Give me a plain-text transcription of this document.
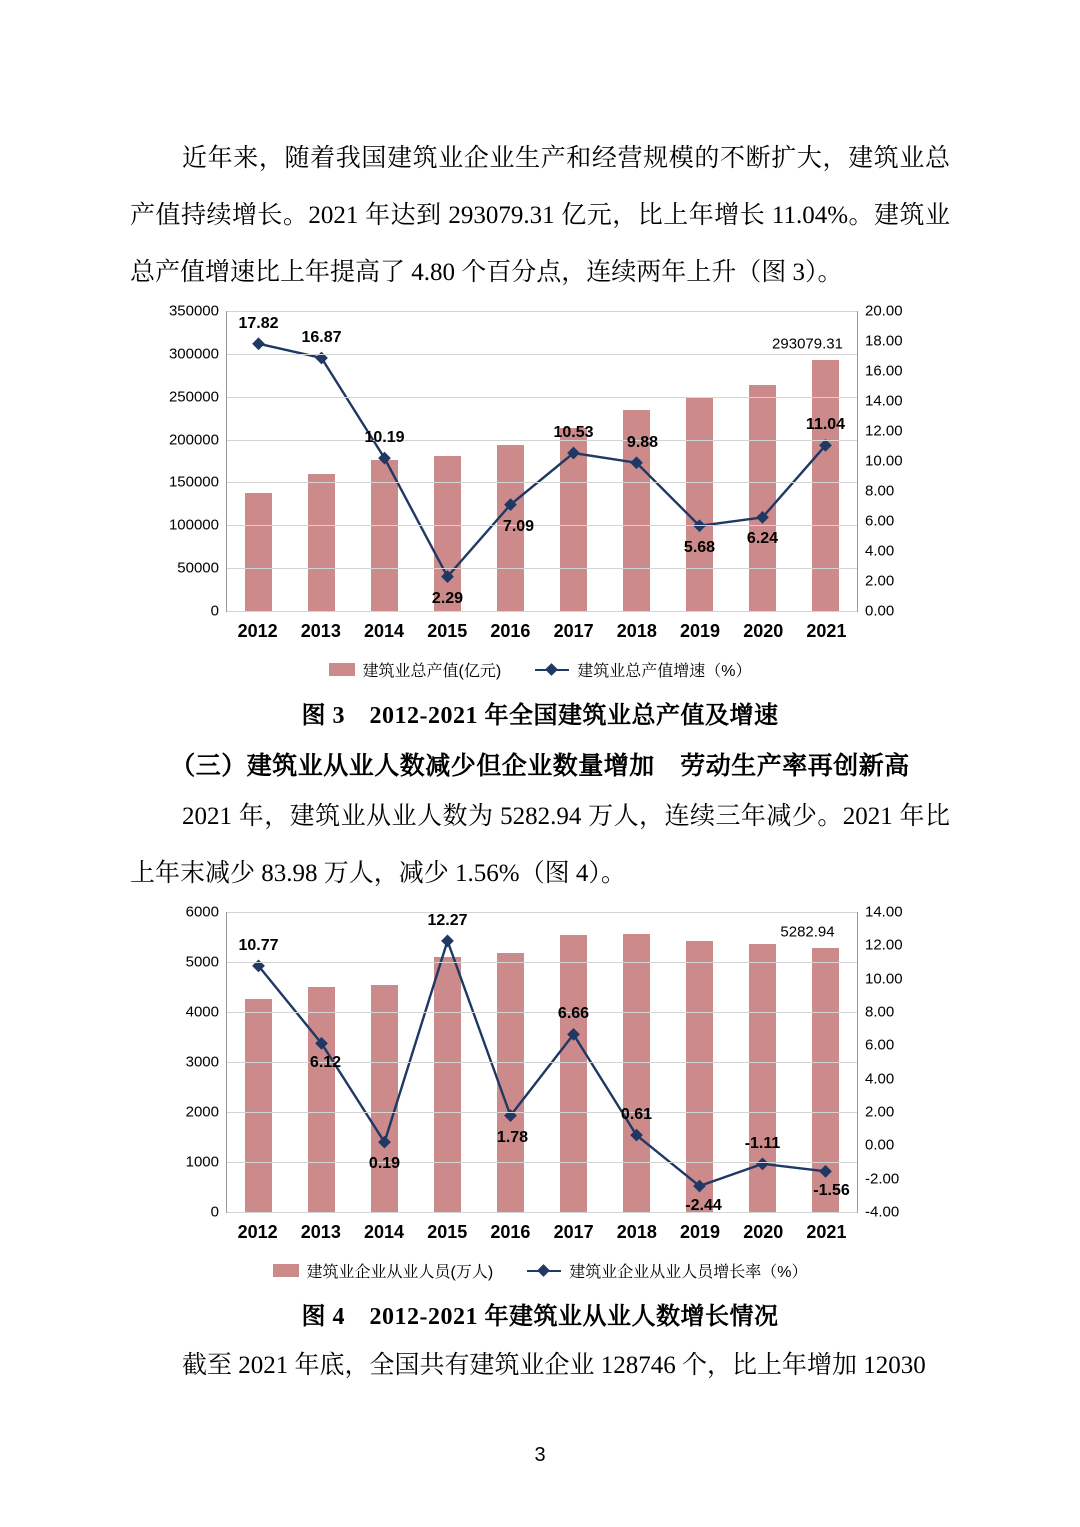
近年来，随着我国建筑业企业生产和经营规模的不断扩大，建筑业总产值持续增长。2021 年达到 293079.31 亿元，比上年增长 11.04%。建筑业总产值增速比上年提高了 4.80 个百分点，连续两年上升（图 3）。

0
50000
100000
150000
200000
250000
300000
350000
0.00
2.00
4.00
6.00
8.00
10.00
12.00
14.00
16.00
18.00
20.00
17.82
16.87
10.19
2.29
7.09
10.53
9.88
5.68 6.24
11.04
293079.31
2012	2013	2014	2015	2016	2017	2018	2019	2020	2021
建筑业总产值(亿元)	建筑业总产值增速（%）
图 3　2012-2021 年全国建筑业总产值及增速
（三）建筑业从业人数减少但企业数量增加　劳动生产率再创新高

2021 年，建筑业从业人数为 5282.94 万人，连续三年减少。2021 年比上年末减少 83.98 万人，减少 1.56%（图 4）。

0
1000
2000
3000
4000
5000
6000
-4.00
-2.00
0.00
2.00
4.00
6.00
8.00
10.00
12.00
14.00
10.77
6.12
0.19
12.27
1.78
6.66
0.61
-2.44
-1.11
-1.56
5282.94
2012	2013	2014	2015	2016	2017	2018	2019	2020	2021
建筑业企业从业人员(万人)	建筑业企业从业人员增长率（%）
图 4　2012-2021 年建筑业从业人数增长情况

截至 2021 年底，全国共有建筑业企业 128746 个，比上年增加 12030

3
